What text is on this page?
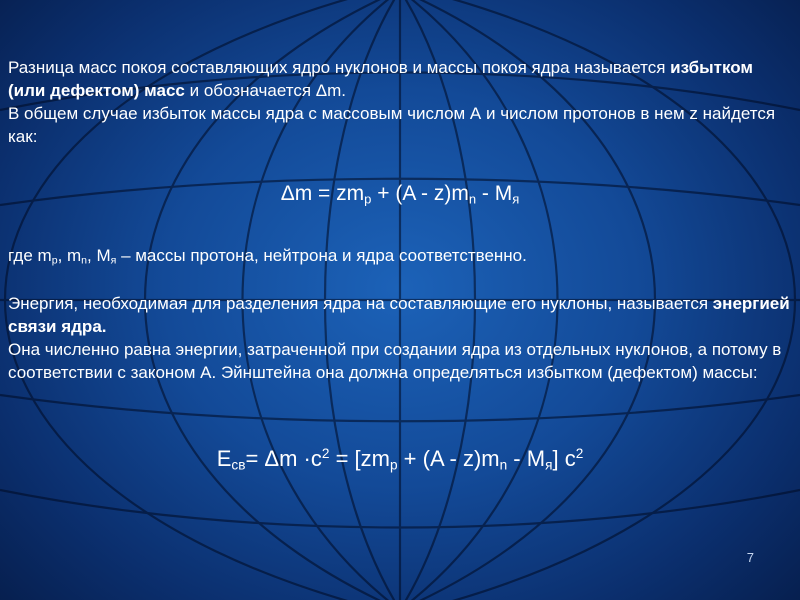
Разница масс покоя составляющих ядро нуклонов и массы покоя ядра называется избытком (или дефектом) масс и обозначается Δm.
В общем случае избыток массы ядра с массовым числом А и числом протонов в нем z найдется как:

$\Delta m = zm_p + (A - z)m_n - M_я$

где $m_p$, $m_n$, $M_я$ – массы протона, нейтрона и ядра соответственно.

Энергия, необходимая для разделения ядра на составляющие его нуклоны, называется энергией связи ядра.
Она численно равна энергии, затраченной при создании ядра из отдельных нуклонов, а потому в соответствии с законом А. Эйнштейна она должна определяться избытком (дефектом) массы:

$E_{св}= \Delta m \cdot c^2 = [zm_p + (A - z)m_n - M_я]$ $c^2$

7
